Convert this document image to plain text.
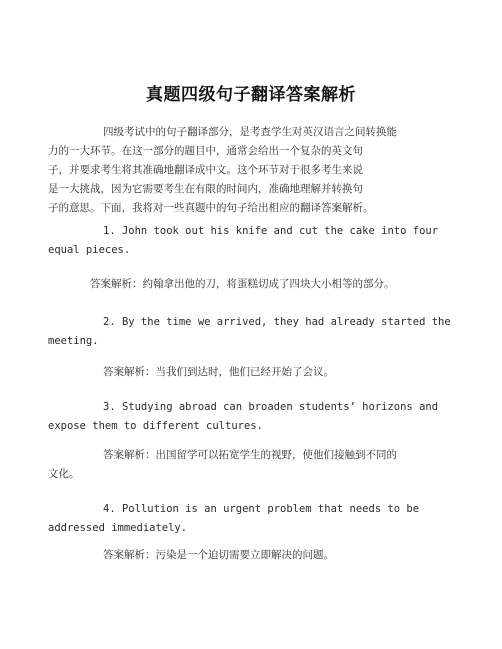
真题四级句子翻译答案解析
四级考试中的句子翻译部分，是考查学生对英汉语言之间转换能
力的一大环节。在这一部分的题目中，通常会给出一个复杂的英文句
子，并要求考生将其准确地翻译成中文。这个环节对于很多考生来说
是一大挑战，因为它需要考生在有限的时间内，准确地理解并转换句
子的意思。下面，我将对一些真题中的句子给出相应的翻译答案解析。
1. John took out his knife and cut the cake into four
equal pieces.
答案解析：约翰拿出他的刀，将蛋糕切成了四块大小相等的部分。
2. By the time we arrived, they had already started the
meeting.
答案解析：当我们到达时，他们已经开始了会议。
3. Studying abroad can broaden students’ horizons and
expose them to different cultures.
答案解析：出国留学可以拓宽学生的视野，使他们接触到不同的
文化。
4. Pollution is an urgent problem that needs to be
addressed immediately.
答案解析：污染是一个迫切需要立即解决的问题。
